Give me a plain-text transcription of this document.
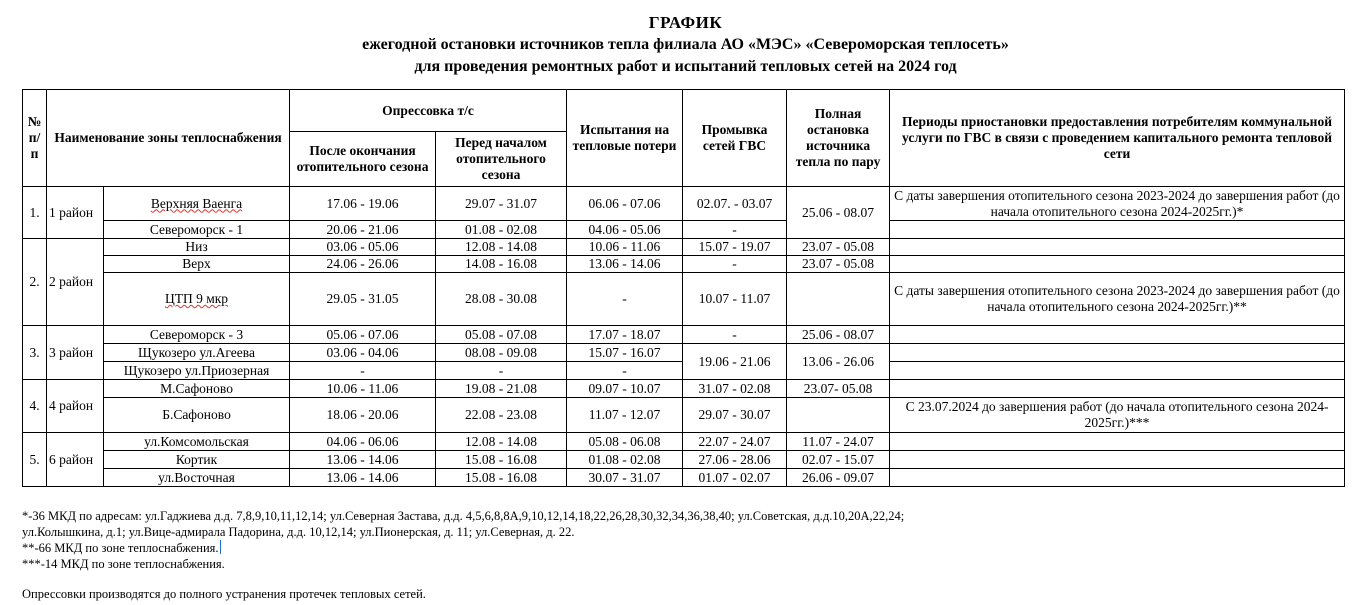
ГРАФИК
ежегодной остановки источников тепла филиала АО «МЭС» «Североморская теплосеть»
для проведения ремонтных работ и испытаний тепловых сетей на 2024 год
№ п/п	Наименование зоны теплоснабжения		Опрессовка т/с		Испытания на тепловые потери	Промывка сетей ГВС	Полная остановка источника тепла по пару	Периоды приостановки предоставления потребителям коммунальной услуги по ГВС в связи с проведением капитального ремонта тепловой сети
			После окончания отопительного сезона	Перед началом отопительного сезона				
1.	1 район	Верхняя Ваенга	17.06 - 19.06	29.07 - 31.07	06.06 - 07.06	02.07. - 03.07	25.06 - 08.07	С даты завершения отопительного сезона 2023-2024 до завершения работ (до начала отопительного сезона 2024-2025гг.)*
		Североморск - 1	20.06 - 21.06	01.08 - 02.08	04.06 - 05.06	-		
2.	2 район	Низ	03.06 - 05.06	12.08 - 14.08	10.06 - 11.06	15.07 - 19.07	23.07 - 05.08	
		Верх	24.06 - 26.06	14.08 - 16.08	13.06 - 14.06	-	23.07 - 05.08	
		ЦТП 9 мкр	29.05 - 31.05	28.08 - 30.08	-	10.07 - 11.07		С даты завершения отопительного сезона 2023-2024 до завершения работ (до начала отопительного сезона 2024-2025гг.)**
3.	3 район	Североморск - 3	05.06 - 07.06	05.08 - 07.08	17.07 - 18.07	-	25.06 - 08.07	
		Щукозеро ул.Агеева	03.06 - 04.06	08.08 - 09.08	15.07 - 16.07	19.06 - 21.06	13.06 - 26.06	
		Щукозеро ул.Приозерная	-	-	-			
4.	4 район	М.Сафоново	10.06 - 11.06	19.08 - 21.08	09.07 - 10.07	31.07 - 02.08	23.07- 05.08	
		Б.Сафоново	18.06 - 20.06	22.08 - 23.08	11.07 - 12.07	29.07 - 30.07		С 23.07.2024 до завершения работ (до начала отопительного сезона 2024-2025гг.)***
5.	6 район	ул.Комсомольская	04.06 - 06.06	12.08 - 14.08	05.08 - 06.08	22.07 - 24.07	11.07 - 24.07	
		Кортик	13.06 - 14.06	15.08 - 16.08	01.08 - 02.08	27.06 - 28.06	02.07 - 15.07	
		ул.Восточная	13.06 - 14.06	15.08 - 16.08	30.07 - 31.07	01.07 - 02.07	26.06 - 09.07	
*-36 МКД по адресам: ул.Гаджиева д.д. 7,8,9,10,11,12,14; ул.Северная Застава, д.д. 4,5,6,8,8А,9,10,12,14,18,22,26,28,30,32,34,36,38,40; ул.Советская, д.д.10,20А,22,24;
ул.Колышкина, д.1; ул.Вице-адмирала Падорина, д.д. 10,12,14; ул.Пионерская, д. 11; ул.Северная, д. 22.
**-66 МКД по зоне теплоснабжения.
***-14 МКД по зоне теплоснабжения.
Опрессовки производятся до полного устранения протечек тепловых сетей.
